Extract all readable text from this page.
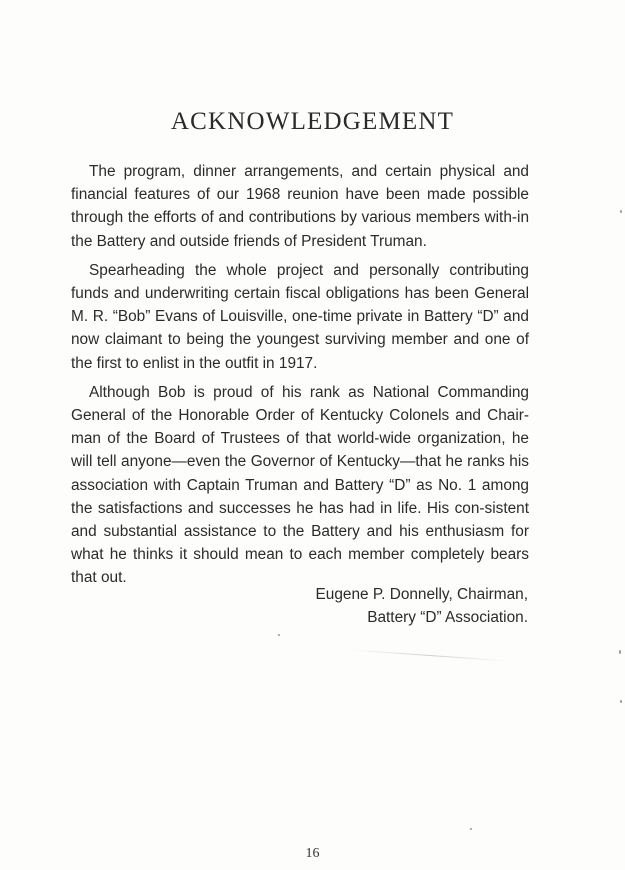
ACKNOWLEDGEMENT

The program, dinner arrangements, and certain physical and financial features of our 1968 reunion have been made possible through the efforts of and contributions by various members with-in the Battery and outside friends of President Truman.

Spearheading the whole project and personally contributing funds and underwriting certain fiscal obligations has been General M. R. “Bob” Evans of Louisville, one-time private in Battery “D” and now claimant to being the youngest surviving member and one of the first to enlist in the outfit in 1917.

Although Bob is proud of his rank as National Commanding General of the Honorable Order of Kentucky Colonels and Chair-man of the Board of Trustees of that world-wide organization, he will tell anyone—even the Governor of Kentucky—that he ranks his association with Captain Truman and Battery “D” as No. 1 among the satisfactions and successes he has had in life. His con-sistent and substantial assistance to the Battery and his enthusiasm for what he thinks it should mean to each member completely bears that out.

Eugene P. Donnelly, Chairman,
Battery “D” Association.
16
